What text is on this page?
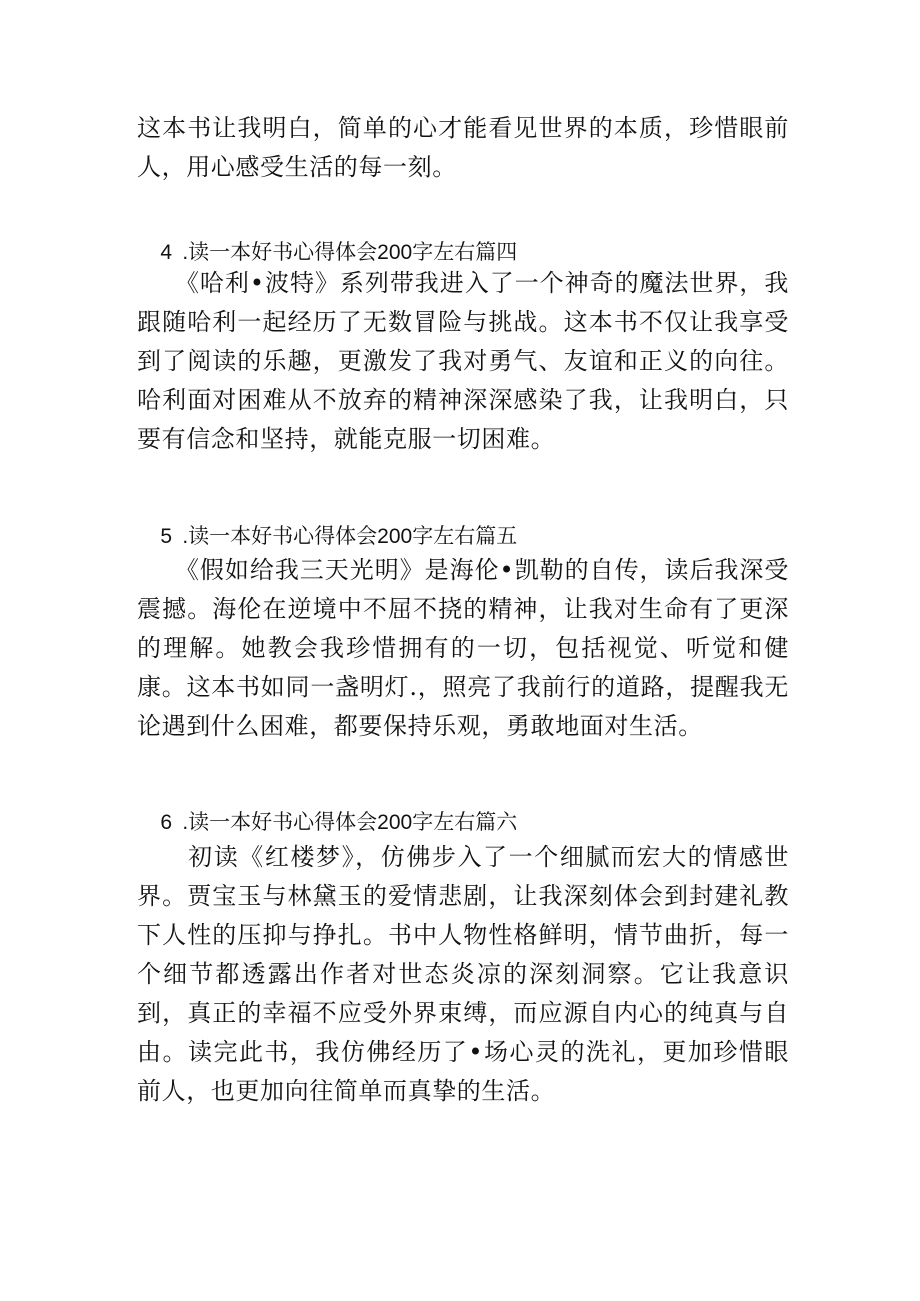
这本书让我明白，简单的心才能看见世界的本质，珍惜眼前人，用心感受生活的每一刻。

4 .读一本好书心得体会200字左右篇四

　　《哈利•波特》系列带我进入了一个神奇的魔法世界，我跟随哈利一起经历了无数冒险与挑战。这本书不仅让我享受到了阅读的乐趣，更激发了我对勇气、友谊和正义的向往。哈利面对困难从不放弃的精神深深感染了我，让我明白，只要有信念和坚持，就能克服一切困难。

5 .读一本好书心得体会200字左右篇五

　　《假如给我三天光明》是海伦•凯勒的自传，读后我深受震撼。海伦在逆境中不屈不挠的精神，让我对生命有了更深的理解。她教会我珍惜拥有的一切，包括视觉、听觉和健康。这本书如同一盏明灯.，照亮了我前行的道路，提醒我无论遇到什么困难，都要保持乐观，勇敢地面对生活。

6 .读一本好书心得体会200字左右篇六

　　初读《红楼梦》，仿佛步入了一个细腻而宏大的情感世界。贾宝玉与林黛玉的爱情悲剧，让我深刻体会到封建礼教下人性的压抑与挣扎。书中人物性格鲜明，情节曲折，每一个细节都透露出作者对世态炎凉的深刻洞察。它让我意识到，真正的幸福不应受外界束缚，而应源自内心的纯真与自由。读完此书，我仿佛经历了•场心灵的洗礼，更加珍惜眼前人，也更加向往简单而真挚的生活。
